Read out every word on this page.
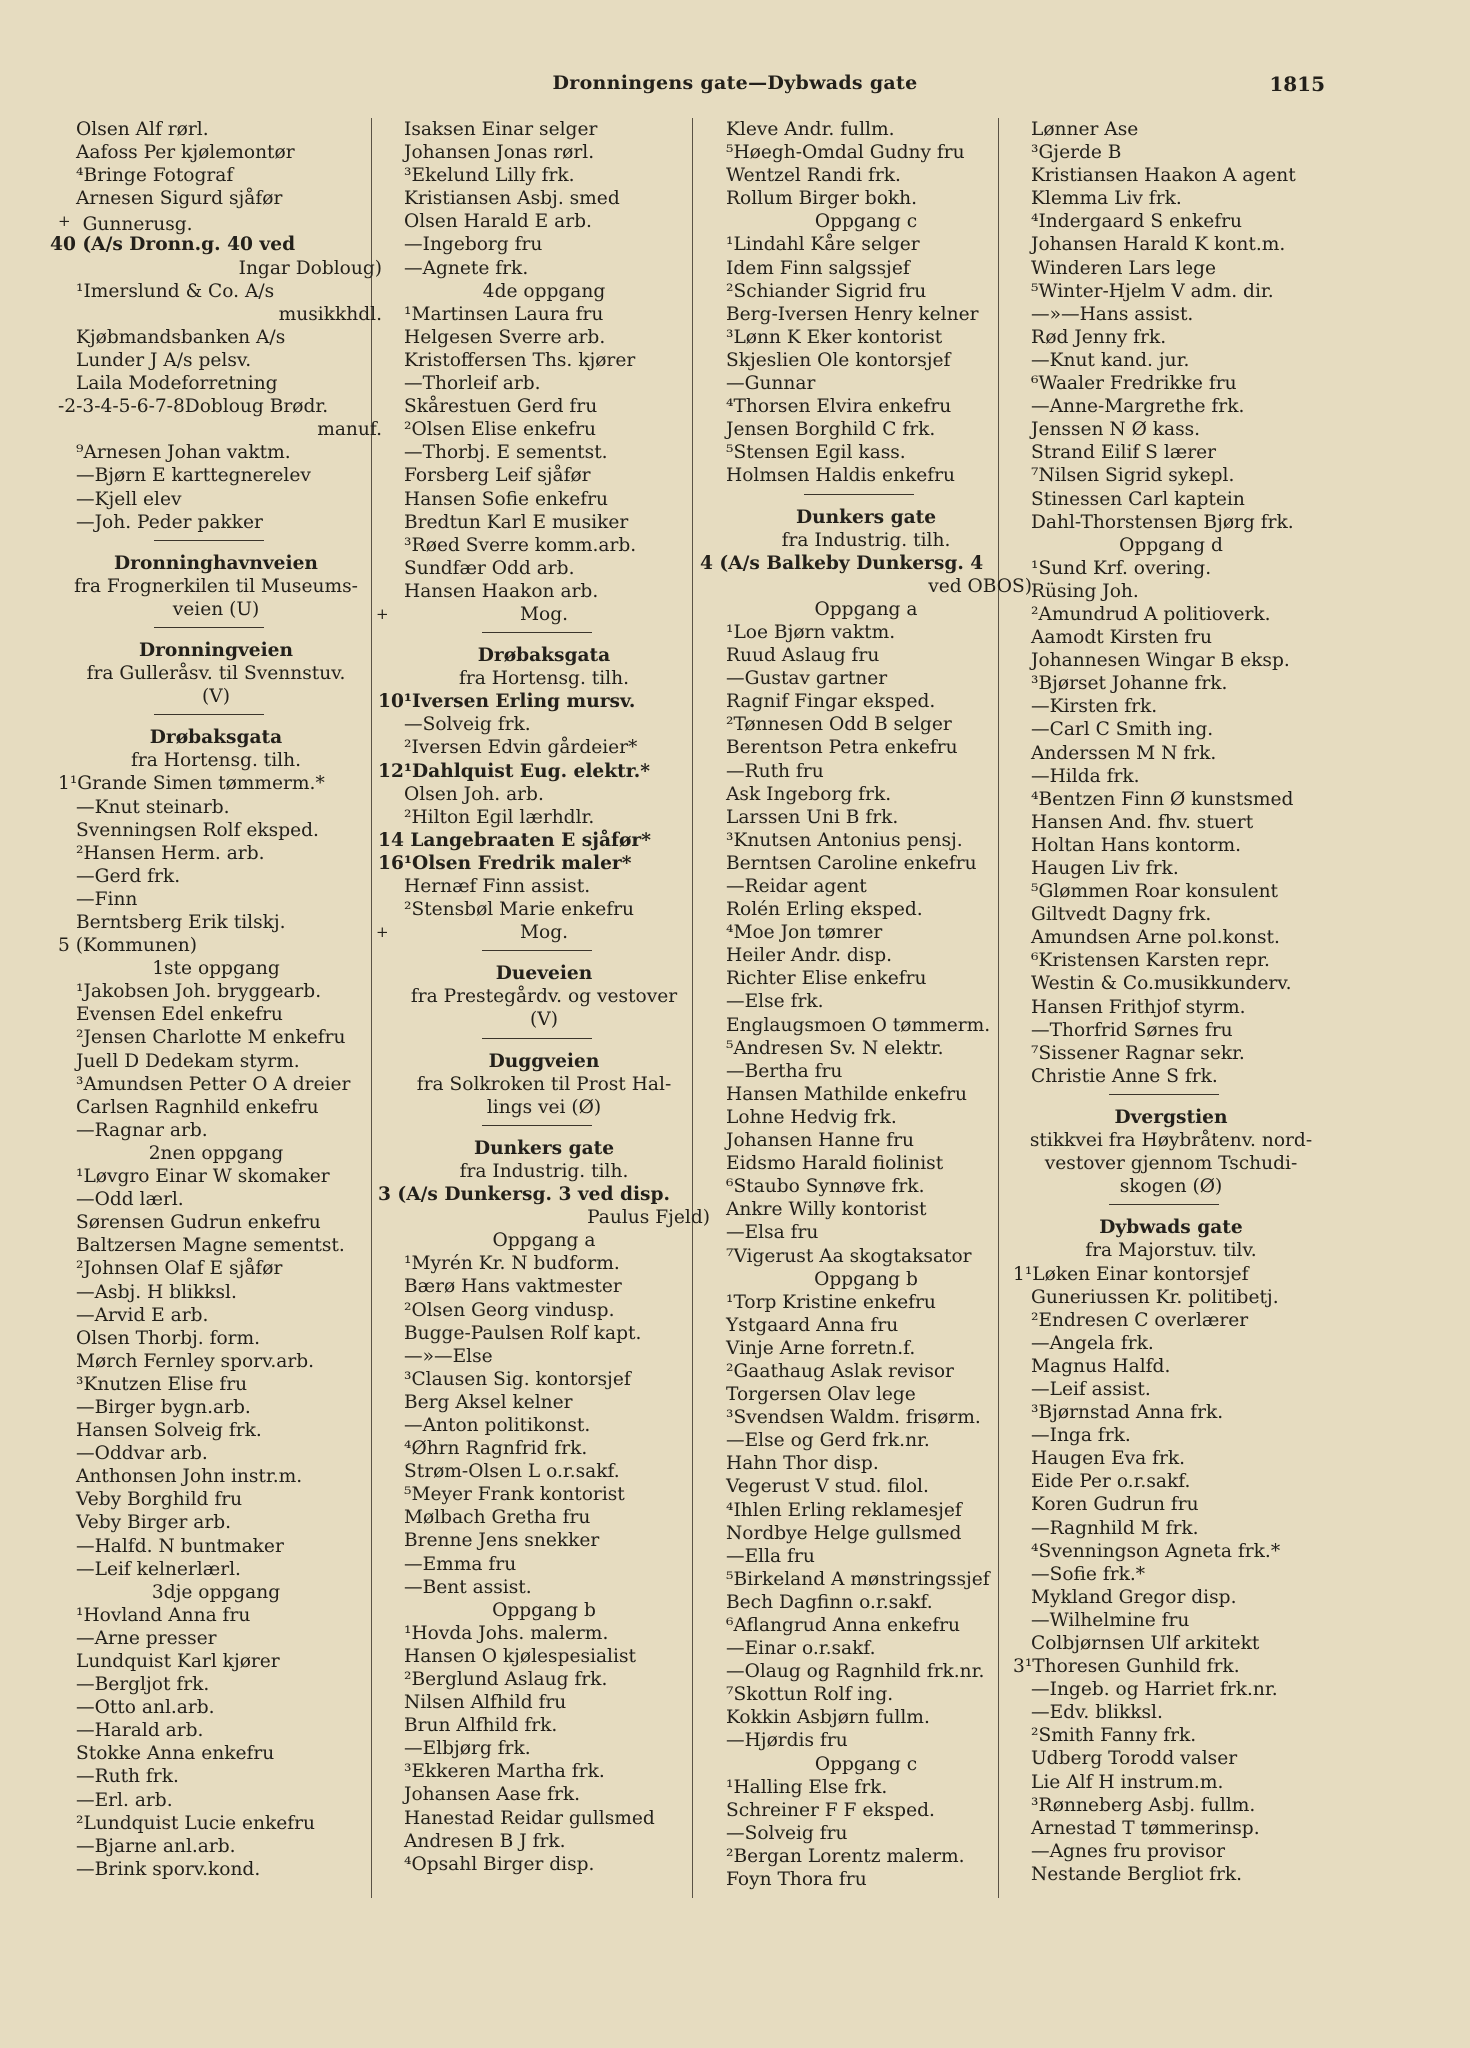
Dronningens gate—Dybwads gate	1815
Olsen Alf rørl.
Aafoss Per kjølemontør
⁴Bringe Fotograf
Arnesen Sigurd sjåfør
+ Gunnerusg.
40 (A/s Dronn.g. 40 ved
Ingar Dobloug)
¹Imerslund & Co. A/s
musikkhdl.
Kjøbmandsbanken A/s
Lunder J A/s pelsv.
Laila Modeforretning
-2-3-4-5-6-7-8Dobloug Brødr.
manuf.
⁹Arnesen Johan vaktm.
—Bjørn E karttegnerelev
—Kjell elev
—Joh. Peder pakker
Dronninghavnveien
fra Frognerkilen til Museums-
veien (U)
Dronningveien
fra Gulleråsv. til Svennstuv.
(V)
Drøbaksgata
fra Hortensg. tilh.
1¹Grande Simen tømmerm.*
—Knut steinarb.
Svenningsen Rolf eksped.
²Hansen Herm. arb.
—Gerd frk.
—Finn
Berntsberg Erik tilskj.
5 (Kommunen)
1ste oppgang
¹Jakobsen Joh. bryggearb.
Evensen Edel enkefru
²Jensen Charlotte M enkefru
Juell D Dedekam styrm.
³Amundsen Petter O A dreier
Carlsen Ragnhild enkefru
—Ragnar arb.
2nen oppgang
¹Løvgro Einar W skomaker
—Odd lærl.
Sørensen Gudrun enkefru
Baltzersen Magne sementst.
²Johnsen Olaf E sjåfør
—Asbj. H blikksl.
—Arvid E arb.
Olsen Thorbj. form.
Mørch Fernley sporv.arb.
³Knutzen Elise fru
—Birger bygn.arb.
Hansen Solveig frk.
—Oddvar arb.
Anthonsen John instr.m.
Veby Borghild fru
Veby Birger arb.
—Halfd. N buntmaker
—Leif kelnerlærl.
3dje oppgang
¹Hovland Anna fru
—Arne presser
Lundquist Karl kjører
—Bergljot frk.
—Otto anl.arb.
—Harald arb.
Stokke Anna enkefru
—Ruth frk.
—Erl. arb.
²Lundquist Lucie enkefru
—Bjarne anl.arb.
—Brink sporv.kond.
Isaksen Einar selger
Johansen Jonas rørl.
³Ekelund Lilly frk.
Kristiansen Asbj. smed
Olsen Harald E arb.
—Ingeborg fru
—Agnete frk.
4de oppgang
¹Martinsen Laura fru
Helgesen Sverre arb.
Kristoffersen Ths. kjører
—Thorleif arb.
Skårestuen Gerd fru
²Olsen Elise enkefru
—Thorbj. E sementst.
Forsberg Leif sjåfør
Hansen Sofie enkefru
Bredtun Karl E musiker
³Røed Sverre komm.arb.
Sundfær Odd arb.
Hansen Haakon arb.
+	Mog.
Drøbaksgata
fra Hortensg. tilh.
10¹Iversen Erling mursv.
—Solveig frk.
²Iversen Edvin gårdeier*
12¹Dahlquist Eug. elektr.*
Olsen Joh. arb.
²Hilton Egil lærhdlr.
14 Langebraaten E sjåfør*
16¹Olsen Fredrik maler*
Hernæf Finn assist.
²Stensbøl Marie enkefru
+	Mog.
Dueveien
fra Prestegårdv. og vestover
(V)
Duggveien
fra Solkroken til Prost Hal-
lings vei (Ø)
Dunkers gate
fra Industrig. tilh.
3 (A/s Dunkersg. 3 ved disp.
Paulus Fjeld)
Oppgang a
¹Myrén Kr. N budform.
Bærø Hans vaktmester
²Olsen Georg vindusp.
Bugge-Paulsen Rolf kapt.
—»—Else
³Clausen Sig. kontorsjef
Berg Aksel kelner
—Anton politikonst.
⁴Øhrn Ragnfrid frk.
Strøm-Olsen L o.r.sakf.
⁵Meyer Frank kontorist
Mølbach Gretha fru
Brenne Jens snekker
—Emma fru
—Bent assist.
Oppgang b
¹Hovda Johs. malerm.
Hansen O kjølespesialist
²Berglund Aslaug frk.
Nilsen Alfhild fru
Brun Alfhild frk.
—Elbjørg frk.
³Ekkeren Martha frk.
Johansen Aase frk.
Hanestad Reidar gullsmed
Andresen B J frk.
⁴Opsahl Birger disp.
Kleve Andr. fullm.
⁵Høegh-Omdal Gudny fru
Wentzel Randi frk.
Rollum Birger bokh.
Oppgang c
¹Lindahl Kåre selger
Idem Finn salgssjef
²Schiander Sigrid fru
Berg-Iversen Henry kelner
³Lønn K Eker kontorist
Skjeslien Ole kontorsjef
—Gunnar
⁴Thorsen Elvira enkefru
Jensen Borghild C frk.
⁵Stensen Egil kass.
Holmsen Haldis enkefru
Dunkers gate
fra Industrig. tilh.
4 (A/s Balkeby Dunkersg. 4
ved OBOS)
Oppgang a
¹Loe Bjørn vaktm.
Ruud Aslaug fru
—Gustav gartner
Ragnif Fingar eksped.
²Tønnesen Odd B selger
Berentson Petra enkefru
—Ruth fru
Ask Ingeborg frk.
Larssen Uni B frk.
³Knutsen Antonius pensj.
Berntsen Caroline enkefru
—Reidar agent
Rolén Erling eksped.
⁴Moe Jon tømrer
Heiler Andr. disp.
Richter Elise enkefru
—Else frk.
Englaugsmoen O tømmerm.
⁵Andresen Sv. N elektr.
—Bertha fru
Hansen Mathilde enkefru
Lohne Hedvig frk.
Johansen Hanne fru
Eidsmo Harald fiolinist
⁶Staubo Synnøve frk.
Ankre Willy kontorist
—Elsa fru
⁷Vigerust Aa skogtaksator
Oppgang b
¹Torp Kristine enkefru
Ystgaard Anna fru
Vinje Arne forretn.f.
²Gaathaug Aslak revisor
Torgersen Olav lege
³Svendsen Waldm. frisørm.
—Else og Gerd frk.nr.
Hahn Thor disp.
Vegerust V stud. filol.
⁴Ihlen Erling reklamesjef
Nordbye Helge gullsmed
—Ella fru
⁵Birkeland A mønstringssjef
Bech Dagfinn o.r.sakf.
⁶Aflangrud Anna enkefru
—Einar o.r.sakf.
—Olaug og Ragnhild frk.nr.
⁷Skottun Rolf ing.
Kokkin Asbjørn fullm.
—Hjørdis fru
Oppgang c
¹Halling Else frk.
Schreiner F F eksped.
—Solveig fru
²Bergan Lorentz malerm.
Foyn Thora fru
Lønner Ase
³Gjerde B
Kristiansen Haakon A agent
Klemma Liv frk.
⁴Indergaard S enkefru
Johansen Harald K kont.m.
Winderen Lars lege
⁵Winter-Hjelm V adm. dir.
—»—Hans assist.
Rød Jenny frk.
—Knut kand. jur.
⁶Waaler Fredrikke fru
—Anne-Margrethe frk.
Jenssen N Ø kass.
Strand Eilif S lærer
⁷Nilsen Sigrid sykepl.
Stinessen Carl kaptein
Dahl-Thorstensen Bjørg frk.
Oppgang d
¹Sund Krf. overing.
Rüsing Joh.
²Amundrud A politioverk.
Aamodt Kirsten fru
Johannesen Wingar B eksp.
³Bjørset Johanne frk.
—Kirsten frk.
—Carl C Smith ing.
Anderssen M N frk.
—Hilda frk.
⁴Bentzen Finn Ø kunstsmed
Hansen And. fhv. stuert
Holtan Hans kontorm.
Haugen Liv frk.
⁵Glømmen Roar konsulent
Giltvedt Dagny frk.
Amundsen Arne pol.konst.
⁶Kristensen Karsten repr.
Westin & Co.musikkunderv.
Hansen Frithjof styrm.
—Thorfrid Sørnes fru
⁷Sissener Ragnar sekr.
Christie Anne S frk.
Dvergstien
stikkvei fra Høybråtenv. nord-
vestover gjennom Tschudi-
skogen (Ø)
Dybwads gate
fra Majorstuv. tilv.
1¹Løken Einar kontorsjef
Guneriussen Kr. politibetj.
²Endresen C overlærer
—Angela frk.
Magnus Halfd.
—Leif assist.
³Bjørnstad Anna frk.
—Inga frk.
Haugen Eva frk.
Eide Per o.r.sakf.
Koren Gudrun fru
—Ragnhild M frk.
⁴Svenningson Agneta frk.*
—Sofie frk.*
Mykland Gregor disp.
—Wilhelmine fru
Colbjørnsen Ulf arkitekt
3¹Thoresen Gunhild frk.
—Ingeb. og Harriet frk.nr.
—Edv. blikksl.
²Smith Fanny frk.
Udberg Torodd valser
Lie Alf H instrum.m.
³Rønneberg Asbj. fullm.
Arnestad T tømmerinsp.
—Agnes fru provisor
Nestande Bergliot frk.
